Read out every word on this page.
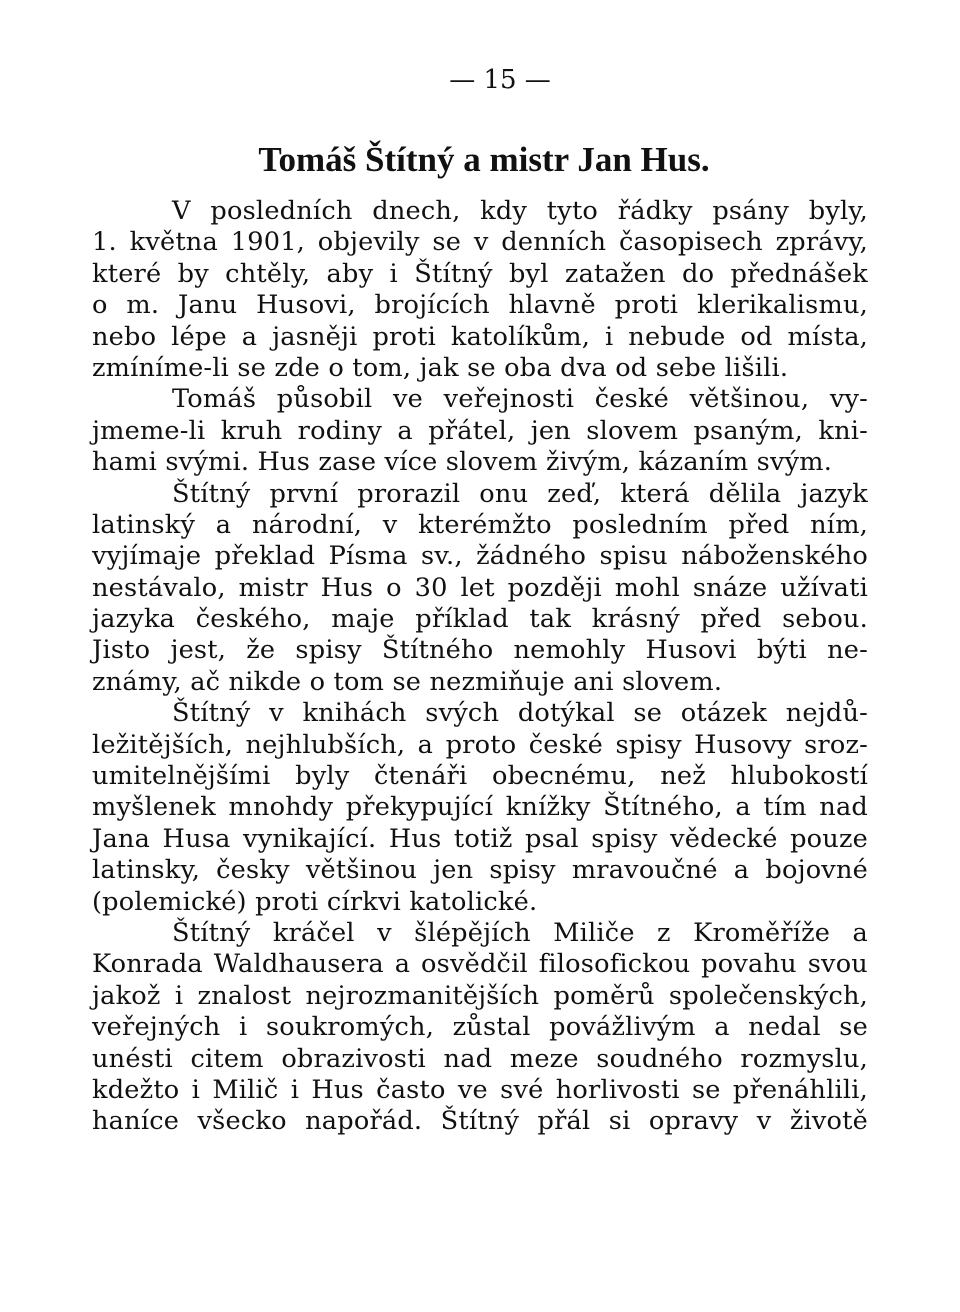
— 15 —
Tomáš Štítný a mistr Jan Hus.
V posledních dnech, kdy tyto řádky psány byly,
1. května 1901, objevily se v denních časopisech zprávy,
které by chtěly, aby i Štítný byl zatažen do přednášek
o m. Janu Husovi, brojících hlavně proti klerikalismu,
nebo lépe a jasněji proti katolíkům, i nebude od místa,
zmíníme-li se zde o tom, jak se oba dva od sebe lišili.
Tomáš působil ve veřejnosti české většinou, vy-
jmeme-li kruh rodiny a přátel, jen slovem psaným, kni-
hami svými. Hus zase více slovem živým, kázaním svým.
Štítný první prorazil onu zeď, která dělila jazyk
latinský a národní, v kterémžto posledním před ním,
vyjímaje překlad Písma sv., žádného spisu náboženského
nestávalo, mistr Hus o 30 let později mohl snáze užívati
jazyka českého, maje příklad tak krásný před sebou.
Jisto jest, že spisy Štítného nemohly Husovi býti ne-
známy, ač nikde o tom se nezmiňuje ani slovem.
Štítný v knihách svých dotýkal se otázek nejdů-
ležitějších, nejhlubších, a proto české spisy Husovy sroz-
umitelnějšími byly čtenáři obecnému, než hlubokostí
myšlenek mnohdy překypující knížky Štítného, a tím nad
Jana Husa vynikající. Hus totiž psal spisy vědecké pouze
latinsky, česky většinou jen spisy mravoučné a bojovné
(polemické) proti církvi katolické.
Štítný kráčel v šlépějích Miliče z Kroměříže a
Konrada Waldhausera a osvědčil filosofickou povahu svou
jakož i znalost nejrozmanitějších poměrů společenských,
veřejných i soukromých, zůstal povážlivým a nedal se
unésti citem obrazivosti nad meze soudného rozmyslu,
kdežto i Milič i Hus často ve své horlivosti se přenáhlili,
haníce všecko napořád. Štítný přál si opravy v životě
